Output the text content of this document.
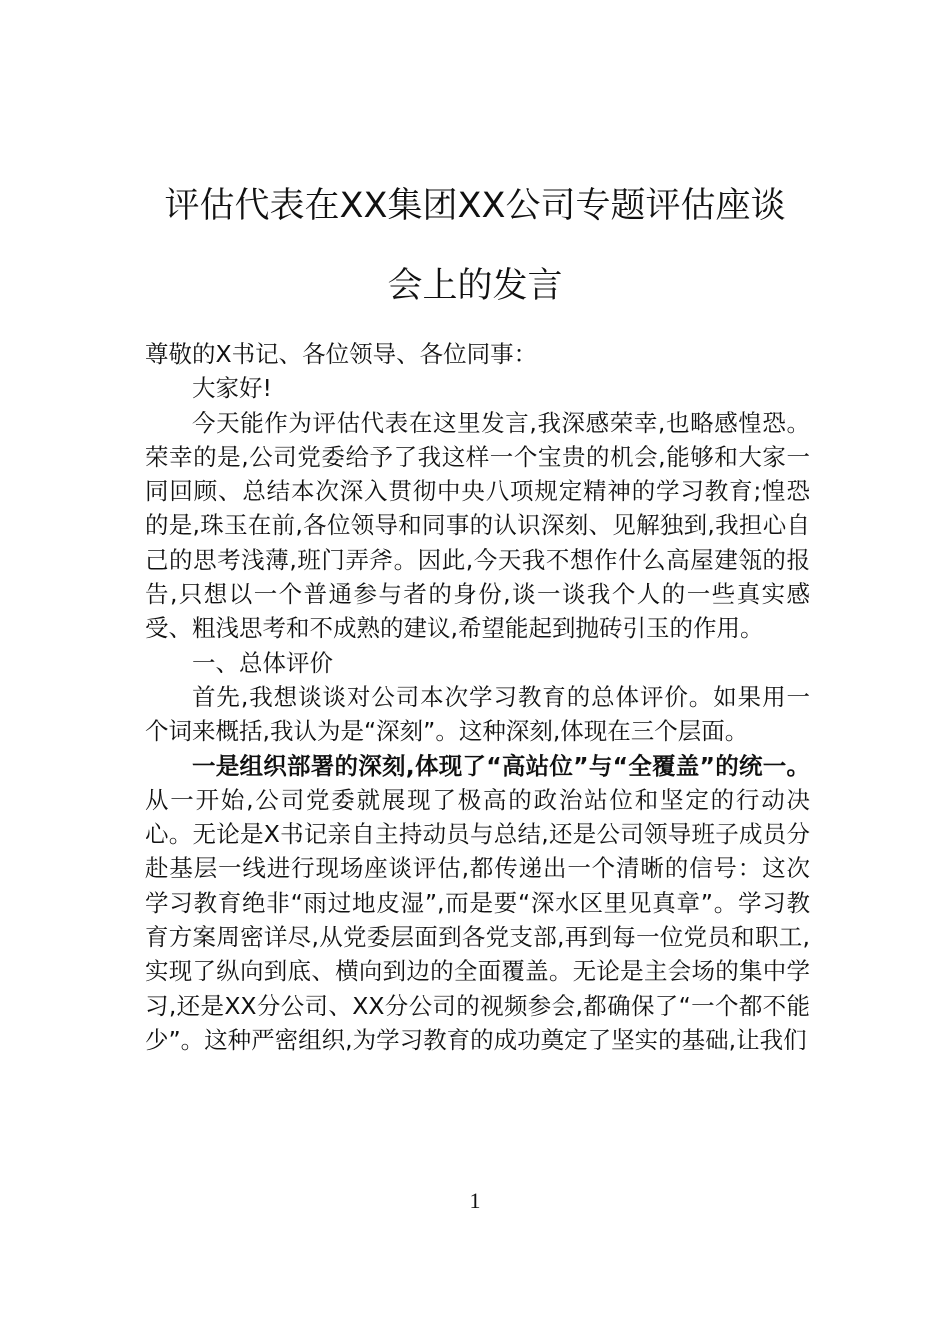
评估代表在XX集团XX公司专题评估座谈
会上的发言

尊敬的X书记、各位领导、各位同事：

大家好!

今天能作为评估代表在这里发言,我深感荣幸,也略感惶恐。荣幸的是,公司党委给予了我这样一个宝贵的机会,能够和大家一同回顾、总结本次深入贯彻中央八项规定精神的学习教育;惶恐的是,珠玉在前,各位领导和同事的认识深刻、见解独到,我担心自己的思考浅薄,班门弄斧。因此,今天我不想作什么高屋建瓴的报告,只想以一个普通参与者的身份,谈一谈我个人的一些真实感受、粗浅思考和不成熟的建议,希望能起到抛砖引玉的作用。

一、总体评价

首先,我想谈谈对公司本次学习教育的总体评价。如果用一个词来概括,我认为是“深刻”。这种深刻,体现在三个层面。

一是组织部署的深刻,体现了“高站位”与“全覆盖”的统一。从一开始,公司党委就展现了极高的政治站位和坚定的行动决心。无论是X书记亲自主持动员与总结,还是公司领导班子成员分赴基层一线进行现场座谈评估,都传递出一个清晰的信号：这次学习教育绝非“雨过地皮湿”,而是要“深水区里见真章”。学习教育方案周密详尽,从党委层面到各党支部,再到每一位党员和职工,实现了纵向到底、横向到边的全面覆盖。无论是主会场的集中学习,还是XX分公司、XX分公司的视频参会,都确保了“一个都不能少”。这种严密组织,为学习教育的成功奠定了坚实的基础,让我们

1
